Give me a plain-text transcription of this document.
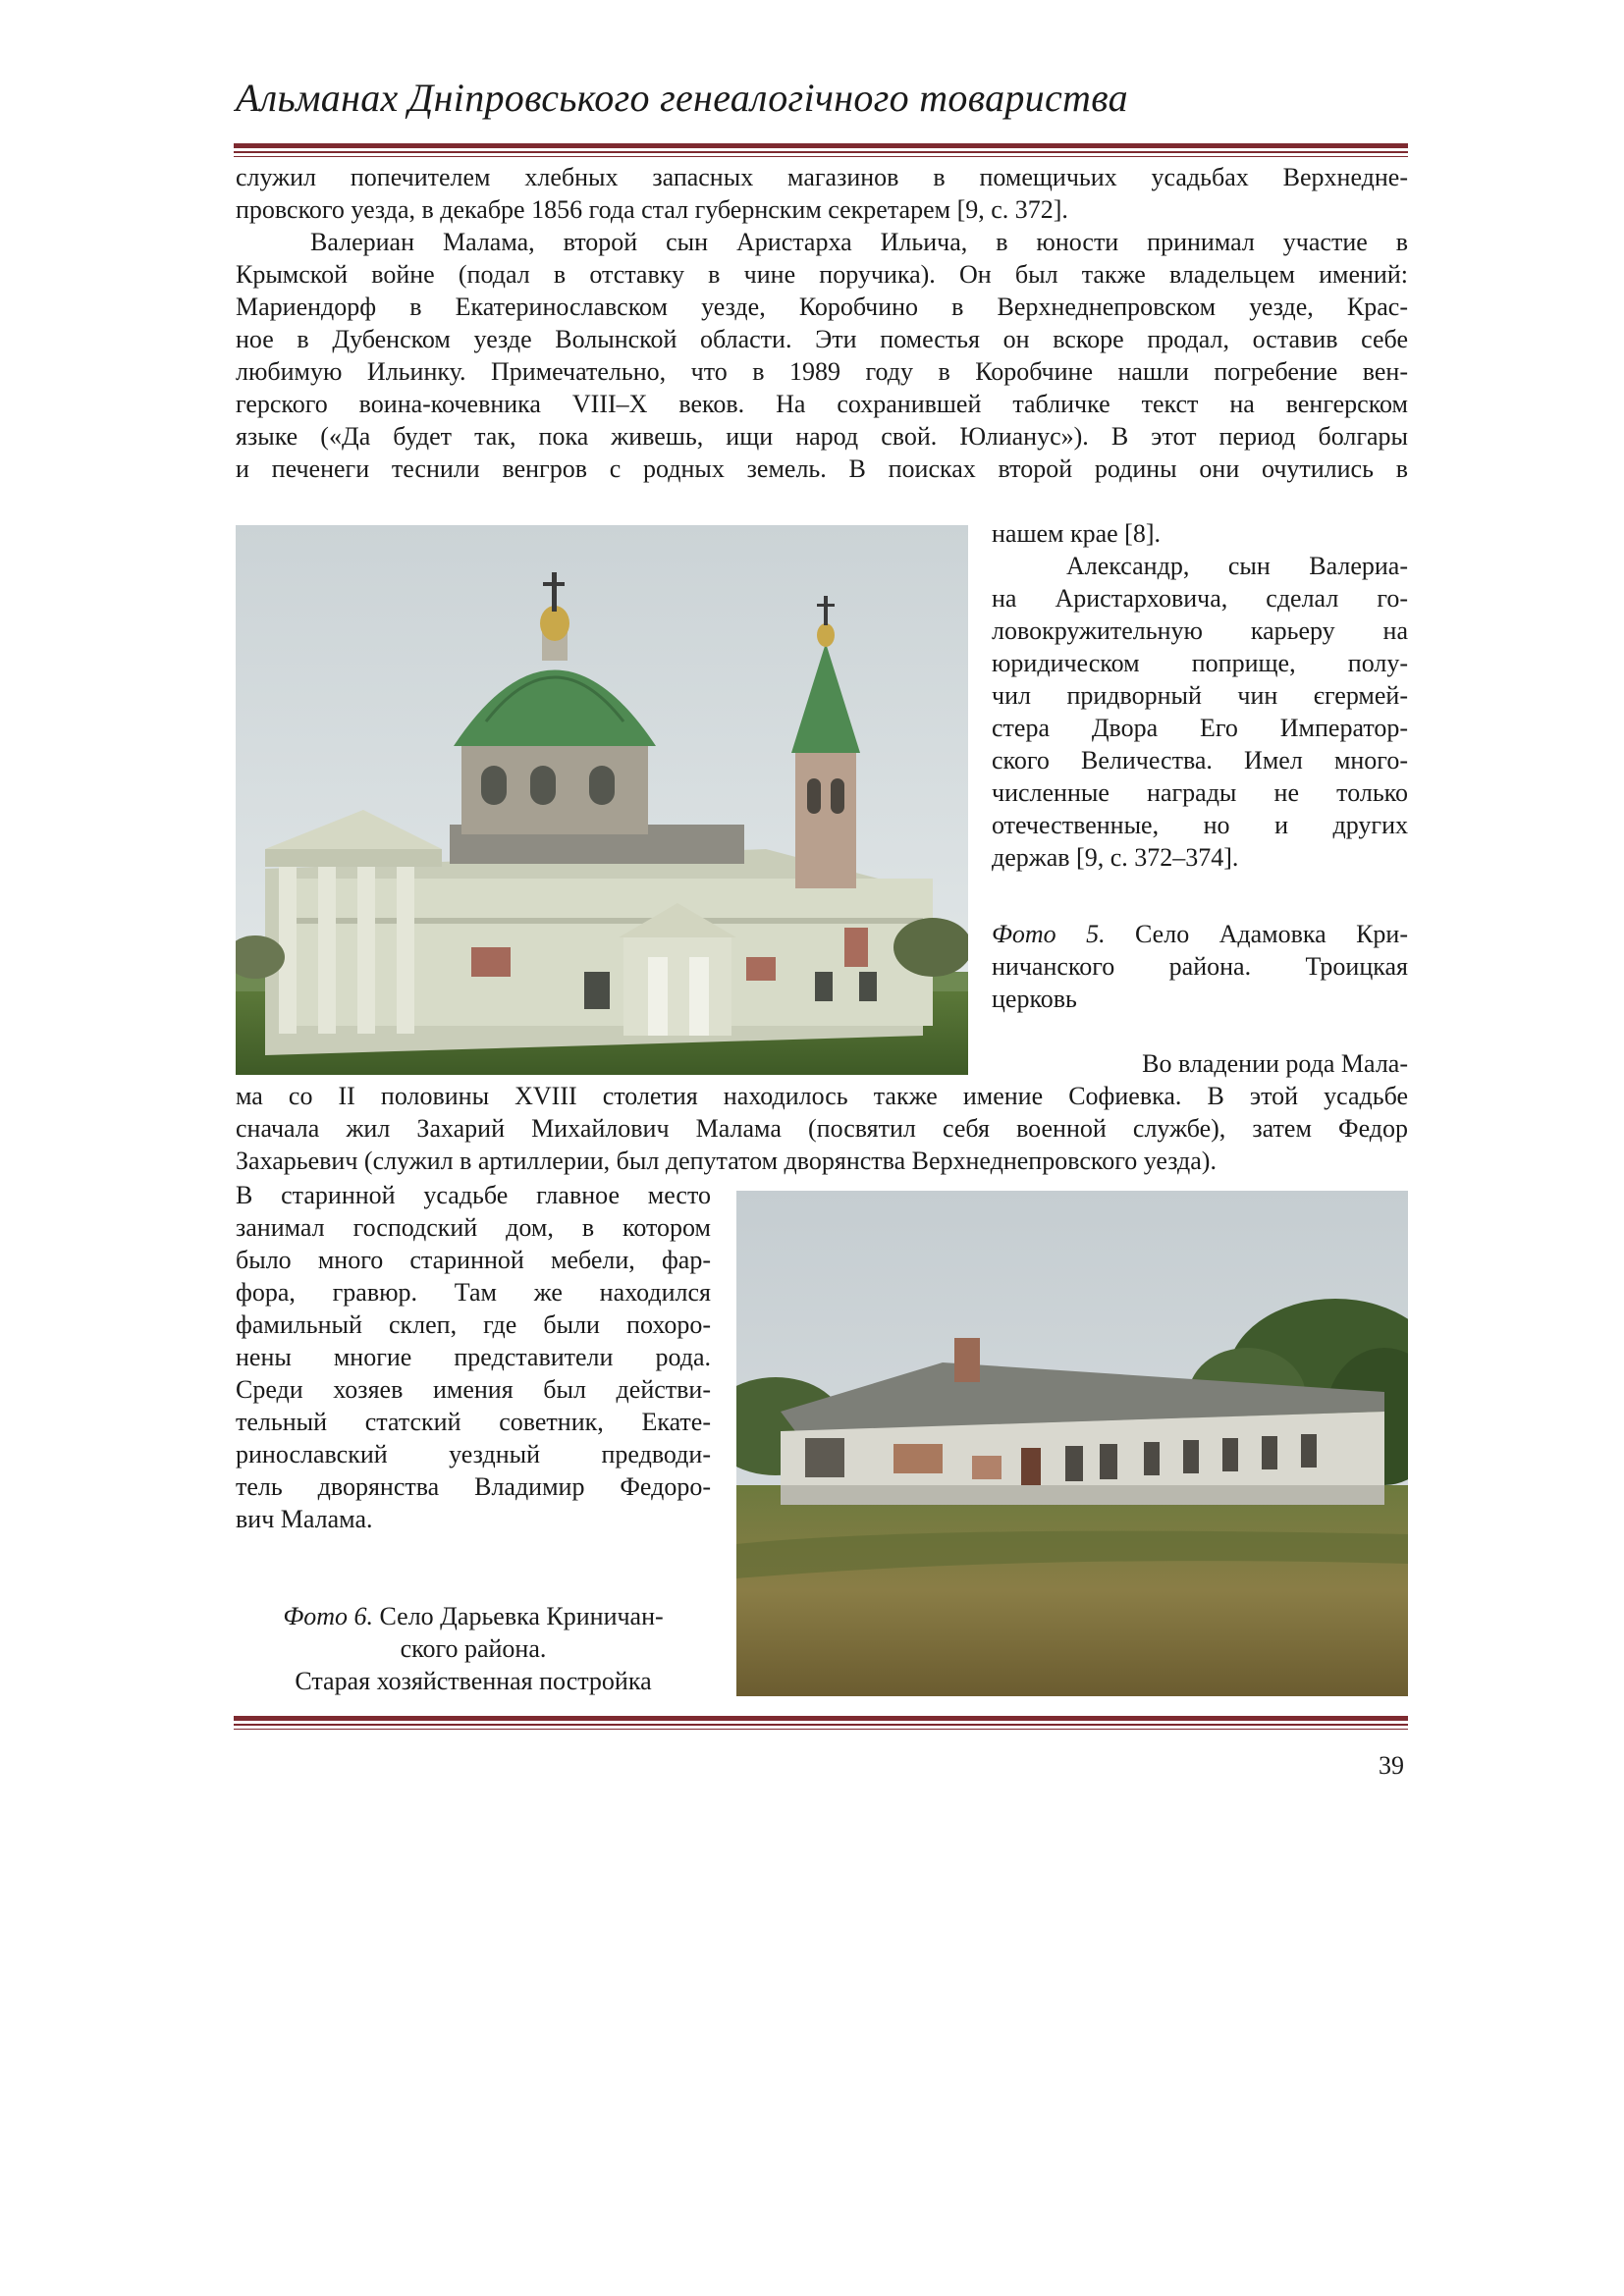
Альманах Дніпровського генеалогічного товариства
служил попечителем хлебных запасных магазинов в помещичьих усадьбах Верхнедне-
провского уезда, в декабре 1856 года стал губернским секретарем [9, с. 372].
Валериан Малама, второй сын Аристарха Ильича, в юности принимал участие в
Крымской войне (подал в отставку в чине поручика). Он был также владельцем имений:
Мариендорф в Екатеринославском уезде, Коробчино в Верхнеднепровском уезде, Крас-
ное в Дубенском уезде Волынской области. Эти поместья он вскоре продал, оставив себе
любимую Ильинку. Примечательно, что в 1989 году в Коробчине нашли погребение вен-
герского воина-кочевника VIII–X веков. На сохранившей табличке текст на венгерском
языке («Да будет так, пока живешь, ищи народ свой. Юлианус»). В этот период болгары
и печенеги теснили венгров с родных земель. В поисках второй родины они очутились в
нашем крае [8].
Александр, сын Валериа-
на Аристарховича, сделал го-
ловокружительную карьеру на
юридическом поприще, полу-
чил придворный чин єгермей-
стера Двора Его Император-
ского Величества. Имел много-
численные награды не только
отечественные, но и других
держав [9, с. 372–374].
Фото 5. Село Адамовка Кри-
ничанского района. Троицкая
церковь
Во владении рода Мала-
ма со II половины XVIII столетия находилось также имение Софиевка. В этой усадьбе
сначала жил Захарий Михайлович Малама (посвятил себя военной службе), затем Федор
Захарьевич (служил в артиллерии, был депутатом дворянства Верхнеднепровского уезда).
В старинной усадьбе главное место
занимал господский дом, в котором
было много старинной мебели, фар-
фора, гравюр. Там же находился
фамильный склеп, где были похоро-
нены многие представители рода.
Среди хозяев имения был действи-
тельный статский советник, Екате-
ринославский уездный предводи-
тель дворянства Владимир Федоро-
вич Малама.
Фото 6. Село Дарьевка Криничан-
ского района.
Старая хозяйственная постройка
39
